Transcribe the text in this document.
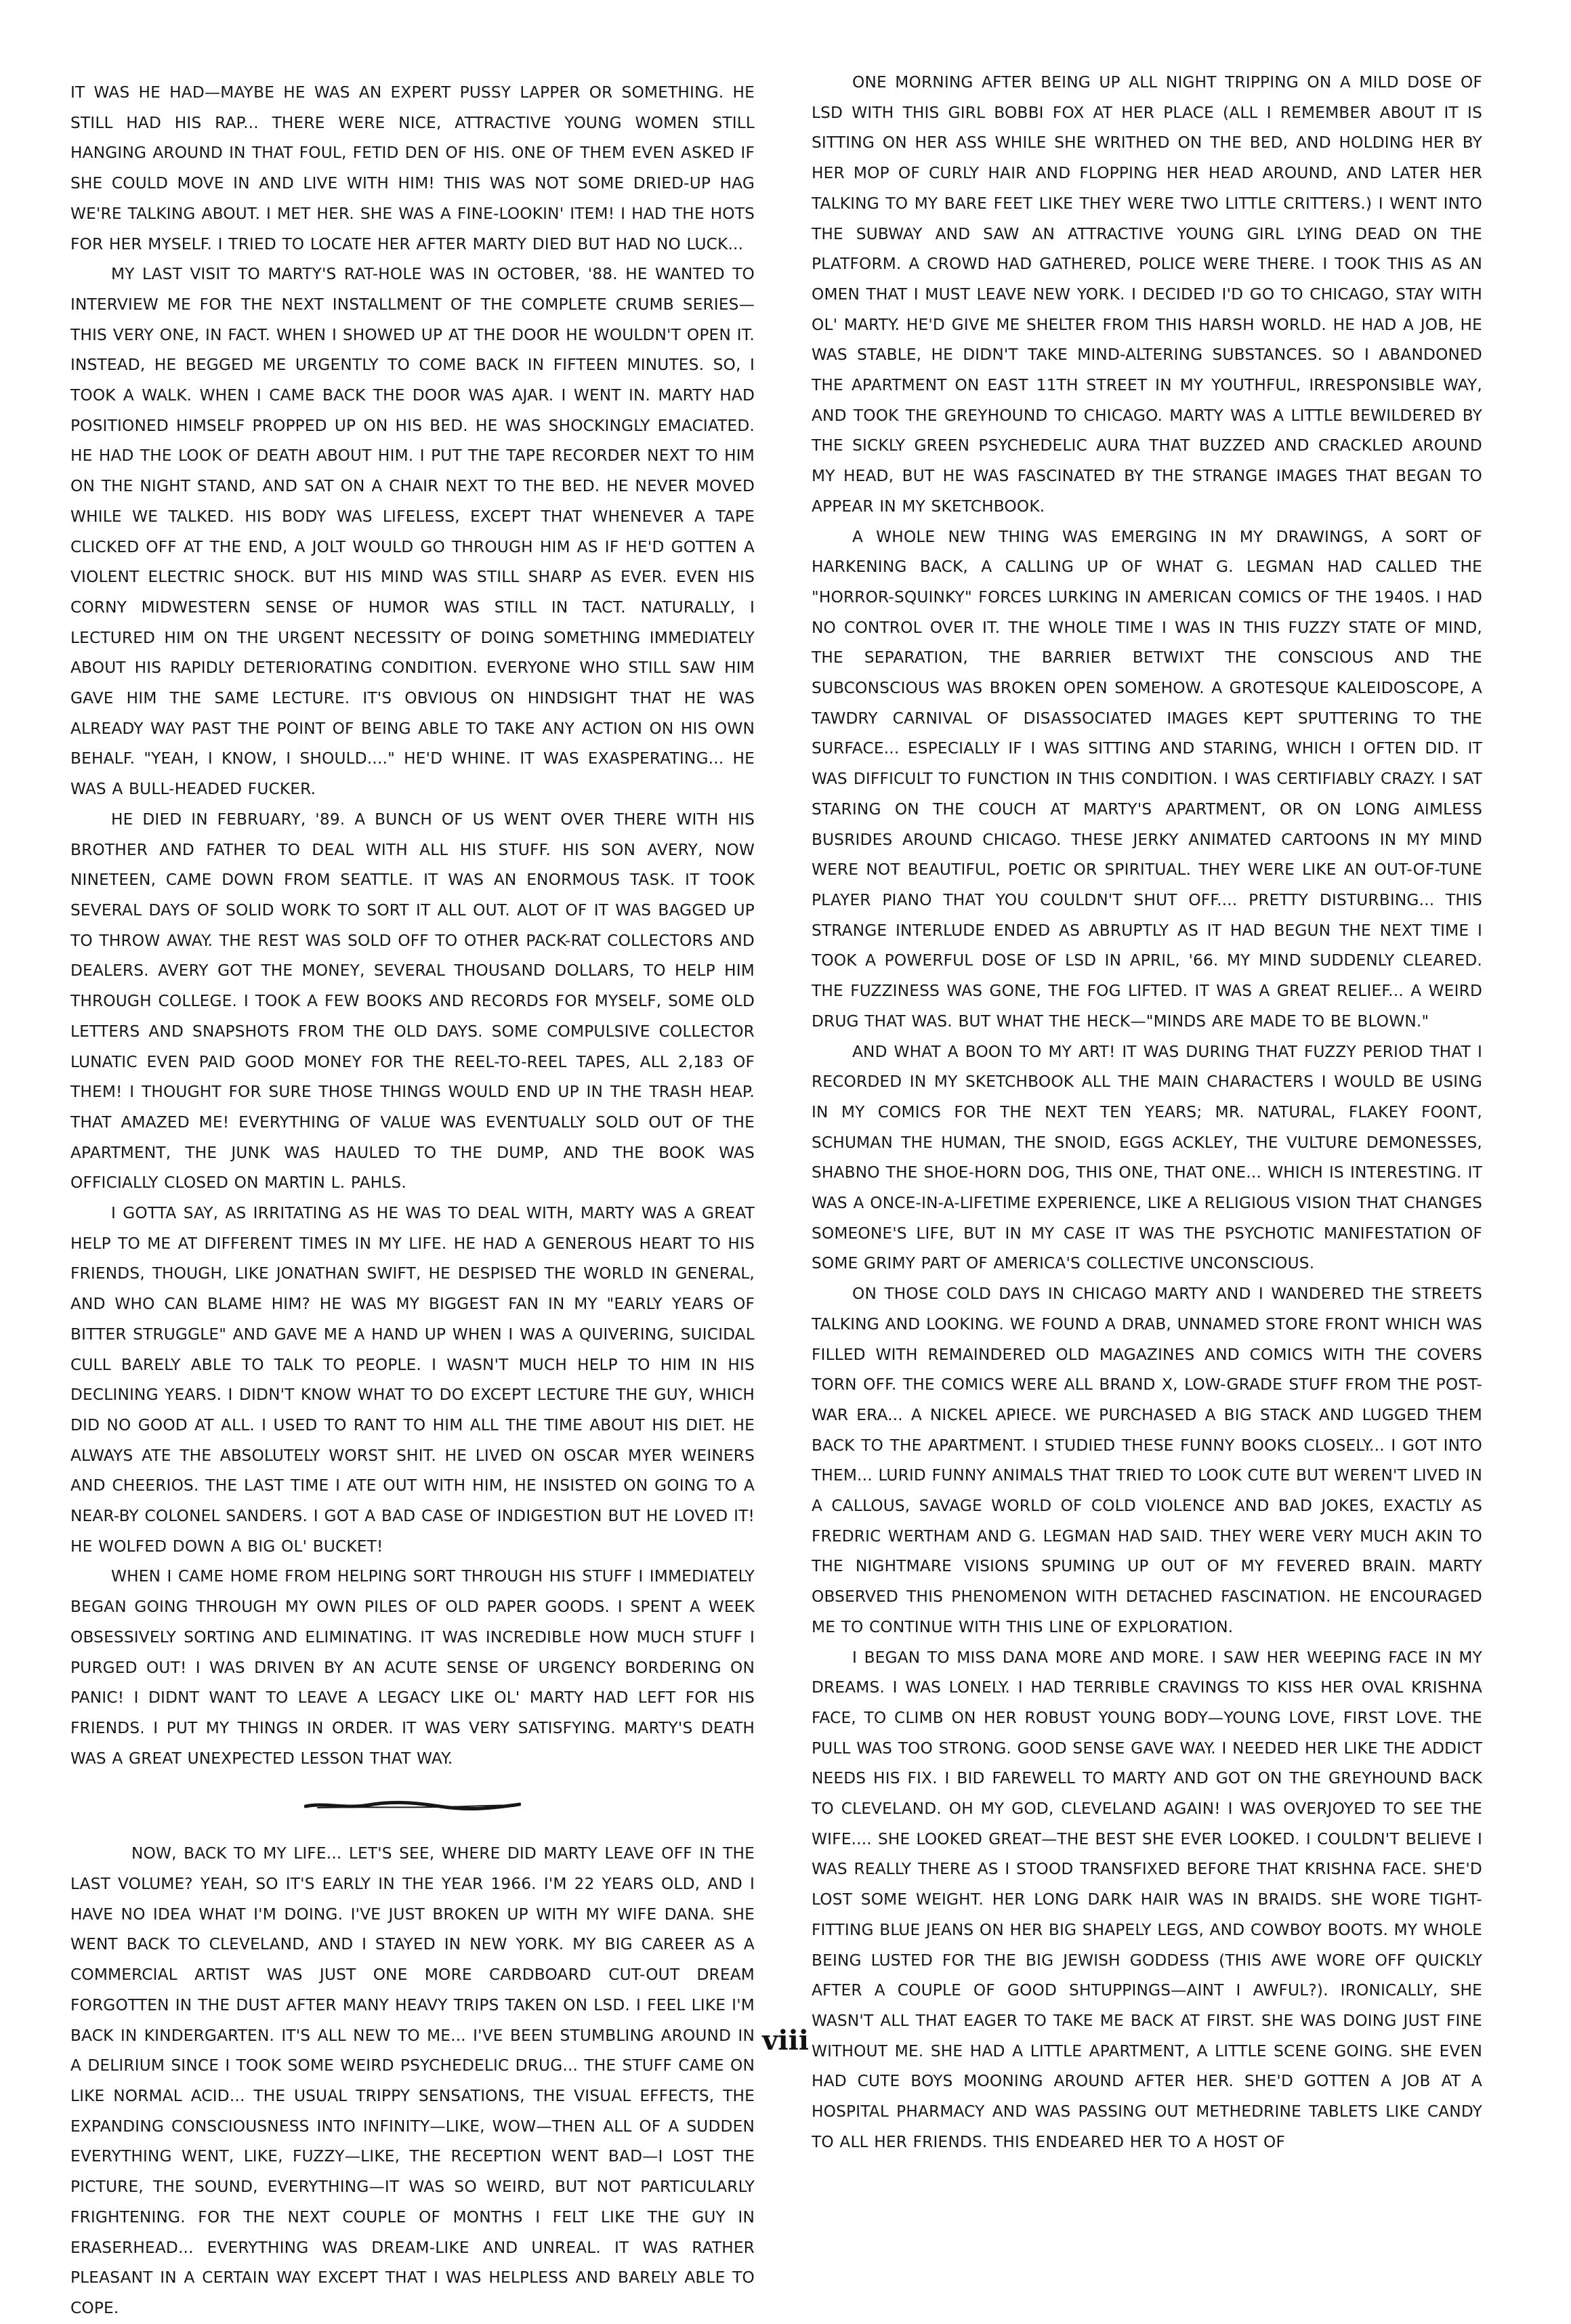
IT WAS HE HAD—MAYBE HE WAS AN EXPERT PUSSY LAPPER OR SOMETHING. HE STILL HAD HIS RAP... THERE WERE NICE, ATTRACTIVE YOUNG WOMEN STILL HANGING AROUND IN THAT FOUL, FETID DEN OF HIS. ONE OF THEM EVEN ASKED IF SHE COULD MOVE IN AND LIVE WITH HIM! THIS WAS NOT SOME DRIED-UP HAG WE'RE TALKING ABOUT. I MET HER. SHE WAS A FINE-LOOKIN' ITEM! I HAD THE HOTS FOR HER MYSELF. I TRIED TO LOCATE HER AFTER MARTY DIED BUT HAD NO LUCK...

MY LAST VISIT TO MARTY'S RAT-HOLE WAS IN OCTOBER, '88. HE WANTED TO INTERVIEW ME FOR THE NEXT INSTALLMENT OF THE COMPLETE CRUMB SERIES—THIS VERY ONE, IN FACT. WHEN I SHOWED UP AT THE DOOR HE WOULDN'T OPEN IT. INSTEAD, HE BEGGED ME URGENTLY TO COME BACK IN FIFTEEN MINUTES. SO, I TOOK A WALK. WHEN I CAME BACK THE DOOR WAS AJAR. I WENT IN. MARTY HAD POSITIONED HIMSELF PROPPED UP ON HIS BED. HE WAS SHOCKINGLY EMACIATED. HE HAD THE LOOK OF DEATH ABOUT HIM. I PUT THE TAPE RECORDER NEXT TO HIM ON THE NIGHT STAND, AND SAT ON A CHAIR NEXT TO THE BED. HE NEVER MOVED WHILE WE TALKED. HIS BODY WAS LIFELESS, EXCEPT THAT WHENEVER A TAPE CLICKED OFF AT THE END, A JOLT WOULD GO THROUGH HIM AS IF HE'D GOTTEN A VIOLENT ELECTRIC SHOCK. BUT HIS MIND WAS STILL SHARP AS EVER. EVEN HIS CORNY MIDWESTERN SENSE OF HUMOR WAS STILL IN TACT. NATURALLY, I LECTURED HIM ON THE URGENT NECESSITY OF DOING SOMETHING IMMEDIATELY ABOUT HIS RAPIDLY DETERIORATING CONDITION. EVERYONE WHO STILL SAW HIM GAVE HIM THE SAME LECTURE. IT'S OBVIOUS ON HINDSIGHT THAT HE WAS ALREADY WAY PAST THE POINT OF BEING ABLE TO TAKE ANY ACTION ON HIS OWN BEHALF. "YEAH, I KNOW, I SHOULD...." HE'D WHINE. IT WAS EXASPERATING... HE WAS A BULL-HEADED FUCKER.

HE DIED IN FEBRUARY, '89. A BUNCH OF US WENT OVER THERE WITH HIS BROTHER AND FATHER TO DEAL WITH ALL HIS STUFF. HIS SON AVERY, NOW NINETEEN, CAME DOWN FROM SEATTLE. IT WAS AN ENORMOUS TASK. IT TOOK SEVERAL DAYS OF SOLID WORK TO SORT IT ALL OUT. ALOT OF IT WAS BAGGED UP TO THROW AWAY. THE REST WAS SOLD OFF TO OTHER PACK-RAT COLLECTORS AND DEALERS. AVERY GOT THE MONEY, SEVERAL THOUSAND DOLLARS, TO HELP HIM THROUGH COLLEGE. I TOOK A FEW BOOKS AND RECORDS FOR MYSELF, SOME OLD LETTERS AND SNAPSHOTS FROM THE OLD DAYS. SOME COMPULSIVE COLLECTOR LUNATIC EVEN PAID GOOD MONEY FOR THE REEL-TO-REEL TAPES, ALL 2,183 OF THEM! I THOUGHT FOR SURE THOSE THINGS WOULD END UP IN THE TRASH HEAP. THAT AMAZED ME! EVERYTHING OF VALUE WAS EVENTUALLY SOLD OUT OF THE APARTMENT, THE JUNK WAS HAULED TO THE DUMP, AND THE BOOK WAS OFFICIALLY CLOSED ON MARTIN L. PAHLS.

I GOTTA SAY, AS IRRITATING AS HE WAS TO DEAL WITH, MARTY WAS A GREAT HELP TO ME AT DIFFERENT TIMES IN MY LIFE. HE HAD A GENEROUS HEART TO HIS FRIENDS, THOUGH, LIKE JONATHAN SWIFT, HE DESPISED THE WORLD IN GENERAL, AND WHO CAN BLAME HIM? HE WAS MY BIGGEST FAN IN MY "EARLY YEARS OF BITTER STRUGGLE" AND GAVE ME A HAND UP WHEN I WAS A QUIVERING, SUICIDAL CULL BARELY ABLE TO TALK TO PEOPLE. I WASN'T MUCH HELP TO HIM IN HIS DECLINING YEARS. I DIDN'T KNOW WHAT TO DO EXCEPT LECTURE THE GUY, WHICH DID NO GOOD AT ALL. I USED TO RANT TO HIM ALL THE TIME ABOUT HIS DIET. HE ALWAYS ATE THE ABSOLUTELY WORST SHIT. HE LIVED ON OSCAR MYER WEINERS AND CHEERIOS. THE LAST TIME I ATE OUT WITH HIM, HE INSISTED ON GOING TO A NEAR-BY COLONEL SANDERS. I GOT A BAD CASE OF INDIGESTION BUT HE LOVED IT! HE WOLFED DOWN A BIG OL' BUCKET!

WHEN I CAME HOME FROM HELPING SORT THROUGH HIS STUFF I IMMEDIATELY BEGAN GOING THROUGH MY OWN PILES OF OLD PAPER GOODS. I SPENT A WEEK OBSESSIVELY SORTING AND ELIMINATING. IT WAS INCREDIBLE HOW MUCH STUFF I PURGED OUT! I WAS DRIVEN BY AN ACUTE SENSE OF URGENCY BORDERING ON PANIC! I DIDNT WANT TO LEAVE A LEGACY LIKE OL' MARTY HAD LEFT FOR HIS FRIENDS. I PUT MY THINGS IN ORDER. IT WAS VERY SATISFYING. MARTY'S DEATH WAS A GREAT UNEXPECTED LESSON THAT WAY.

NOW, BACK TO MY LIFE... LET'S SEE, WHERE DID MARTY LEAVE OFF IN THE LAST VOLUME? YEAH, SO IT'S EARLY IN THE YEAR 1966. I'M 22 YEARS OLD, AND I HAVE NO IDEA WHAT I'M DOING. I'VE JUST BROKEN UP WITH MY WIFE DANA. SHE WENT BACK TO CLEVELAND, AND I STAYED IN NEW YORK. MY BIG CAREER AS A COMMERCIAL ARTIST WAS JUST ONE MORE CARDBOARD CUT-OUT DREAM FORGOTTEN IN THE DUST AFTER MANY HEAVY TRIPS TAKEN ON LSD. I FEEL LIKE I'M BACK IN KINDERGARTEN. IT'S ALL NEW TO ME... I'VE BEEN STUMBLING AROUND IN A DELIRIUM SINCE I TOOK SOME WEIRD PSYCHEDELIC DRUG... THE STUFF CAME ON LIKE NORMAL ACID... THE USUAL TRIPPY SENSATIONS, THE VISUAL EFFECTS, THE EXPANDING CONSCIOUSNESS INTO INFINITY—LIKE, WOW—THEN ALL OF A SUDDEN EVERYTHING WENT, LIKE, FUZZY—LIKE, THE RECEPTION WENT BAD—I LOST THE PICTURE, THE SOUND, EVERYTHING—IT WAS SO WEIRD, BUT NOT PARTICULARLY FRIGHTENING. FOR THE NEXT COUPLE OF MONTHS I FELT LIKE THE GUY IN ERASERHEAD... EVERYTHING WAS DREAM-LIKE AND UNREAL. IT WAS RATHER PLEASANT IN A CERTAIN WAY EXCEPT THAT I WAS HELPLESS AND BARELY ABLE TO COPE.

ONE MORNING AFTER BEING UP ALL NIGHT TRIPPING ON A MILD DOSE OF LSD WITH THIS GIRL BOBBI FOX AT HER PLACE (ALL I REMEMBER ABOUT IT IS SITTING ON HER ASS WHILE SHE WRITHED ON THE BED, AND HOLDING HER BY HER MOP OF CURLY HAIR AND FLOPPING HER HEAD AROUND, AND LATER HER TALKING TO MY BARE FEET LIKE THEY WERE TWO LITTLE CRITTERS.) I WENT INTO THE SUBWAY AND SAW AN ATTRACTIVE YOUNG GIRL LYING DEAD ON THE PLATFORM. A CROWD HAD GATHERED, POLICE WERE THERE. I TOOK THIS AS AN OMEN THAT I MUST LEAVE NEW YORK. I DECIDED I'D GO TO CHICAGO, STAY WITH OL' MARTY. HE'D GIVE ME SHELTER FROM THIS HARSH WORLD. HE HAD A JOB, HE WAS STABLE, HE DIDN'T TAKE MIND-ALTERING SUBSTANCES. SO I ABANDONED THE APARTMENT ON EAST 11TH STREET IN MY YOUTHFUL, IRRESPONSIBLE WAY, AND TOOK THE GREYHOUND TO CHICAGO. MARTY WAS A LITTLE BEWILDERED BY THE SICKLY GREEN PSYCHEDELIC AURA THAT BUZZED AND CRACKLED AROUND MY HEAD, BUT HE WAS FASCINATED BY THE STRANGE IMAGES THAT BEGAN TO APPEAR IN MY SKETCHBOOK.

A WHOLE NEW THING WAS EMERGING IN MY DRAWINGS, A SORT OF HARKENING BACK, A CALLING UP OF WHAT G. LEGMAN HAD CALLED THE "HORROR-SQUINKY" FORCES LURKING IN AMERICAN COMICS OF THE 1940S. I HAD NO CONTROL OVER IT. THE WHOLE TIME I WAS IN THIS FUZZY STATE OF MIND, THE SEPARATION, THE BARRIER BETWIXT THE CONSCIOUS AND THE SUBCONSCIOUS WAS BROKEN OPEN SOMEHOW. A GROTESQUE KALEIDOSCOPE, A TAWDRY CARNIVAL OF DISASSOCIATED IMAGES KEPT SPUTTERING TO THE SURFACE... ESPECIALLY IF I WAS SITTING AND STARING, WHICH I OFTEN DID. IT WAS DIFFICULT TO FUNCTION IN THIS CONDITION. I WAS CERTIFIABLY CRAZY. I SAT STARING ON THE COUCH AT MARTY'S APARTMENT, OR ON LONG AIMLESS BUSRIDES AROUND CHICAGO. THESE JERKY ANIMATED CARTOONS IN MY MIND WERE NOT BEAUTIFUL, POETIC OR SPIRITUAL. THEY WERE LIKE AN OUT-OF-TUNE PLAYER PIANO THAT YOU COULDN'T SHUT OFF.... PRETTY DISTURBING... THIS STRANGE INTERLUDE ENDED AS ABRUPTLY AS IT HAD BEGUN THE NEXT TIME I TOOK A POWERFUL DOSE OF LSD IN APRIL, '66. MY MIND SUDDENLY CLEARED. THE FUZZINESS WAS GONE, THE FOG LIFTED. IT WAS A GREAT RELIEF... A WEIRD DRUG THAT WAS. BUT WHAT THE HECK—"MINDS ARE MADE TO BE BLOWN."

AND WHAT A BOON TO MY ART! IT WAS DURING THAT FUZZY PERIOD THAT I RECORDED IN MY SKETCHBOOK ALL THE MAIN CHARACTERS I WOULD BE USING IN MY COMICS FOR THE NEXT TEN YEARS; MR. NATURAL, FLAKEY FOONT, SCHUMAN THE HUMAN, THE SNOID, EGGS ACKLEY, THE VULTURE DEMONESSES, SHABNO THE SHOE-HORN DOG, THIS ONE, THAT ONE... WHICH IS INTERESTING. IT WAS A ONCE-IN-A-LIFETIME EXPERIENCE, LIKE A RELIGIOUS VISION THAT CHANGES SOMEONE'S LIFE, BUT IN MY CASE IT WAS THE PSYCHOTIC MANIFESTATION OF SOME GRIMY PART OF AMERICA'S COLLECTIVE UNCONSCIOUS.

ON THOSE COLD DAYS IN CHICAGO MARTY AND I WANDERED THE STREETS TALKING AND LOOKING. WE FOUND A DRAB, UNNAMED STORE FRONT WHICH WAS FILLED WITH REMAINDERED OLD MAGAZINES AND COMICS WITH THE COVERS TORN OFF. THE COMICS WERE ALL BRAND X, LOW-GRADE STUFF FROM THE POST-WAR ERA... A NICKEL APIECE. WE PURCHASED A BIG STACK AND LUGGED THEM BACK TO THE APARTMENT. I STUDIED THESE FUNNY BOOKS CLOSELY... I GOT INTO THEM... LURID FUNNY ANIMALS THAT TRIED TO LOOK CUTE BUT WEREN'T LIVED IN A CALLOUS, SAVAGE WORLD OF COLD VIOLENCE AND BAD JOKES, EXACTLY AS FREDRIC WERTHAM AND G. LEGMAN HAD SAID. THEY WERE VERY MUCH AKIN TO THE NIGHTMARE VISIONS SPUMING UP OUT OF MY FEVERED BRAIN. MARTY OBSERVED THIS PHENOMENON WITH DETACHED FASCINATION. HE ENCOURAGED ME TO CONTINUE WITH THIS LINE OF EXPLORATION.

I BEGAN TO MISS DANA MORE AND MORE. I SAW HER WEEPING FACE IN MY DREAMS. I WAS LONELY. I HAD TERRIBLE CRAVINGS TO KISS HER OVAL KRISHNA FACE, TO CLIMB ON HER ROBUST YOUNG BODY—YOUNG LOVE, FIRST LOVE. THE PULL WAS TOO STRONG. GOOD SENSE GAVE WAY. I NEEDED HER LIKE THE ADDICT NEEDS HIS FIX. I BID FAREWELL TO MARTY AND GOT ON THE GREYHOUND BACK TO CLEVELAND. OH MY GOD, CLEVELAND AGAIN! I WAS OVERJOYED TO SEE THE WIFE.... SHE LOOKED GREAT—THE BEST SHE EVER LOOKED. I COULDN'T BELIEVE I WAS REALLY THERE AS I STOOD TRANSFIXED BEFORE THAT KRISHNA FACE. SHE'D LOST SOME WEIGHT. HER LONG DARK HAIR WAS IN BRAIDS. SHE WORE TIGHT-FITTING BLUE JEANS ON HER BIG SHAPELY LEGS, AND COWBOY BOOTS. MY WHOLE BEING LUSTED FOR THE BIG JEWISH GODDESS (THIS AWE WORE OFF QUICKLY AFTER A COUPLE OF GOOD SHTUPPINGS—AINT I AWFUL?). IRONICALLY, SHE WASN'T ALL THAT EAGER TO TAKE ME BACK AT FIRST. SHE WAS DOING JUST FINE WITHOUT ME. SHE HAD A LITTLE APARTMENT, A LITTLE SCENE GOING. SHE EVEN HAD CUTE BOYS MOONING AROUND AFTER HER. SHE'D GOTTEN A JOB AT A HOSPITAL PHARMACY AND WAS PASSING OUT METHEDRINE TABLETS LIKE CANDY TO ALL HER FRIENDS. THIS ENDEARED HER TO A HOST OF

viii
